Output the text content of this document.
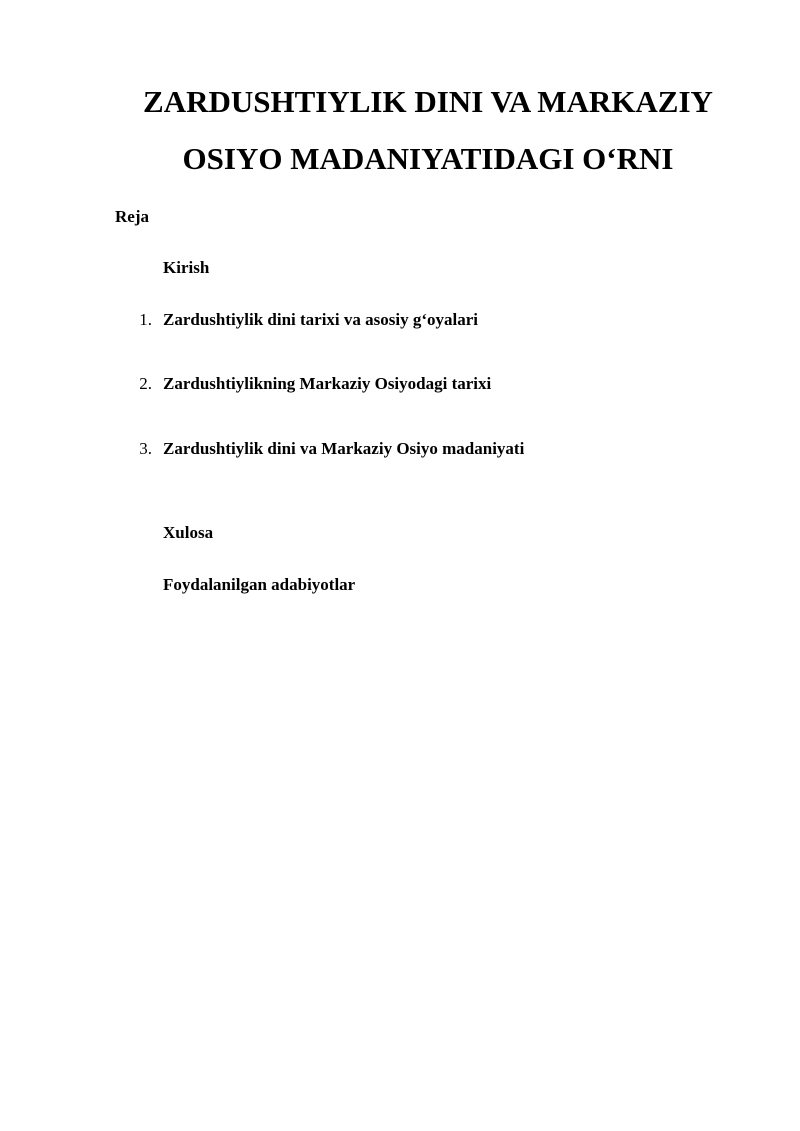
ZARDUSHTIYLIK DINI VA MARKAZIY
OSIYO MADANIYATIDAGI O‘RNI
Reja
Kirish
1. Zardushtiylik dini tarixi va asosiy g‘oyalari
2. Zardushtiylikning Markaziy Osiyodagi tarixi
3. Zardushtiylik dini va Markaziy Osiyo madaniyati
Xulosa
Foydalanilgan adabiyotlar
